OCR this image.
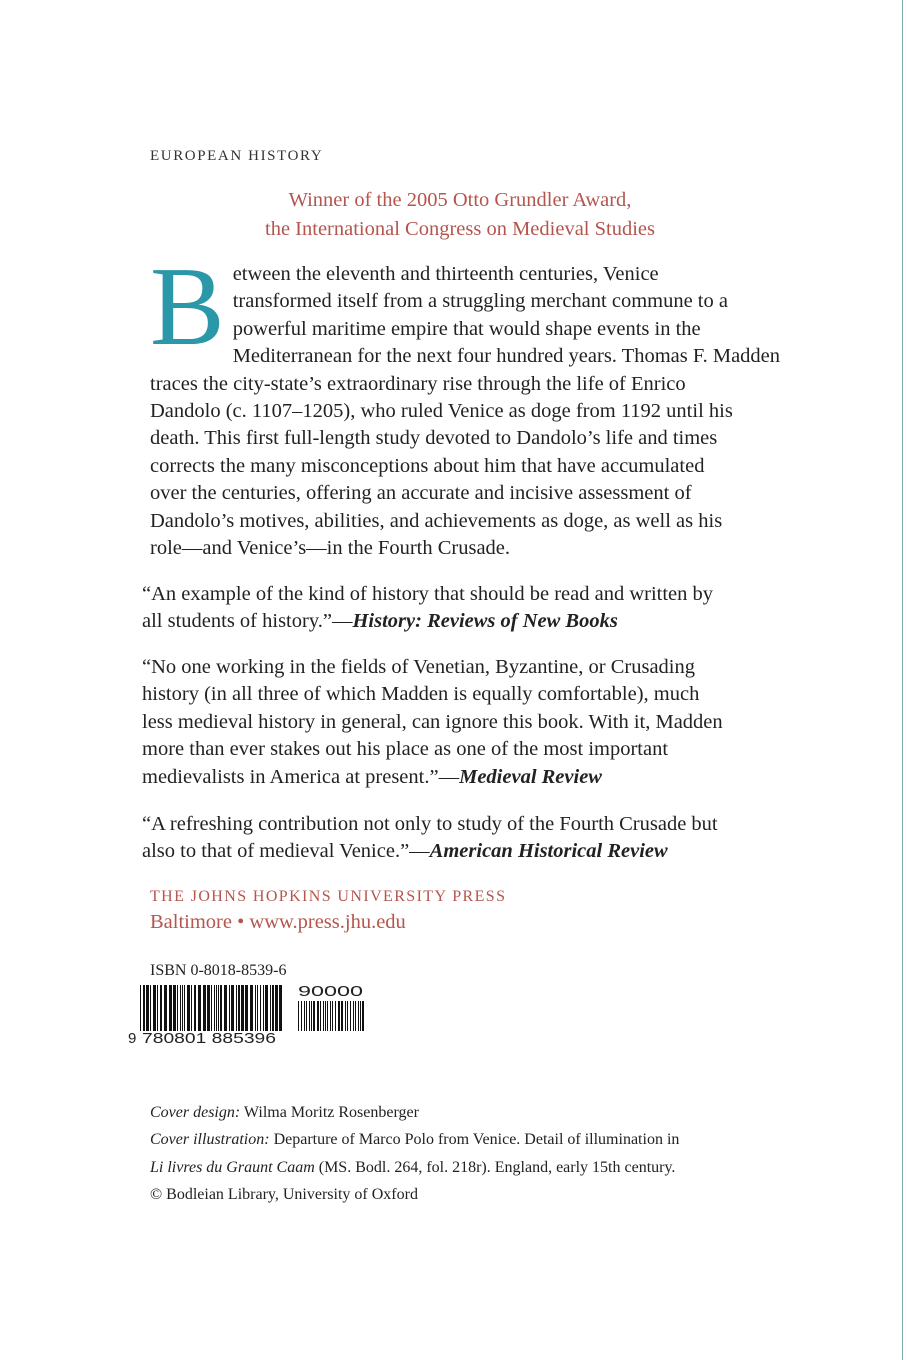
EUROPEAN HISTORY
Winner of the 2005 Otto Grundler Award,
the International Congress on Medieval Studies
B etween the eleventh and thirteenth centuries, Venice
transformed itself from a struggling merchant commune to a
powerful maritime empire that would shape events in the
Mediterranean for the next four hundred years. Thomas F. Madden
traces the city-state’s extraordinary rise through the life of Enrico
Dandolo (c. 1107–1205), who ruled Venice as doge from 1192 until his
death. This first full-length study devoted to Dandolo’s life and times
corrects the many misconceptions about him that have accumulated
over the centuries, offering an accurate and incisive assessment of
Dandolo’s motives, abilities, and achievements as doge, as well as his
role—and Venice’s—in the Fourth Crusade.
“An example of the kind of history that should be read and written by
all students of history.”—History: Reviews of New Books
“No one working in the fields of Venetian, Byzantine, or Crusading
history (in all three of which Madden is equally comfortable), much
less medieval history in general, can ignore this book. With it, Madden
more than ever stakes out his place as one of the most important
medievalists in America at present.”—Medieval Review
“A refreshing contribution not only to study of the Fourth Crusade but
also to that of medieval Venice.”—American Historical Review
THE JOHNS HOPKINS UNIVERSITY PRESS
Baltimore • www.press.jhu.edu
ISBN 0-8018-8539-6
9 780801 885396
90000
Cover design: Wilma Moritz Rosenberger
Cover illustration: Departure of Marco Polo from Venice. Detail of illumination in
Li livres du Graunt Caam (MS. Bodl. 264, fol. 218r). England, early 15th century.
© Bodleian Library, University of Oxford
